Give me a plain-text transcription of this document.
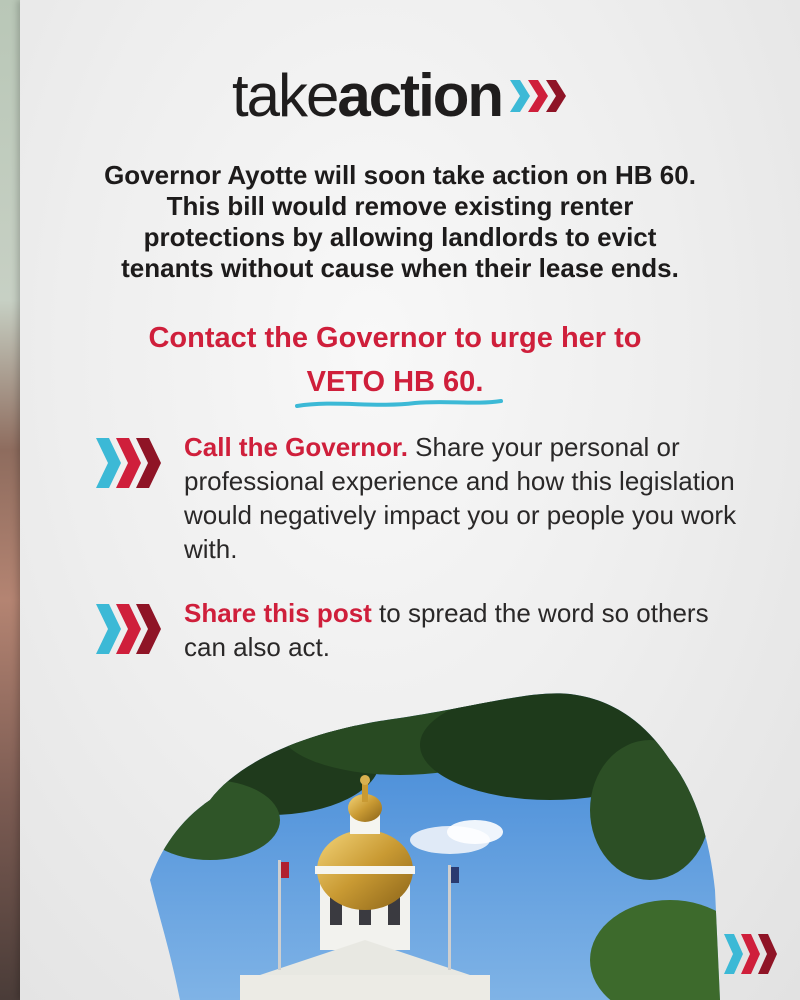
takeaction

Governor Ayotte will soon take action on HB 60.
This bill would remove existing renter
protections by allowing landlords to evict
tenants without cause when their lease ends.

Contact the Governor to urge her to
VETO HB 60.

Call the Governor. Share your personal or professional experience and how this legislation would negatively impact you or people you work with.

Share this post to spread the word so others can also act.
